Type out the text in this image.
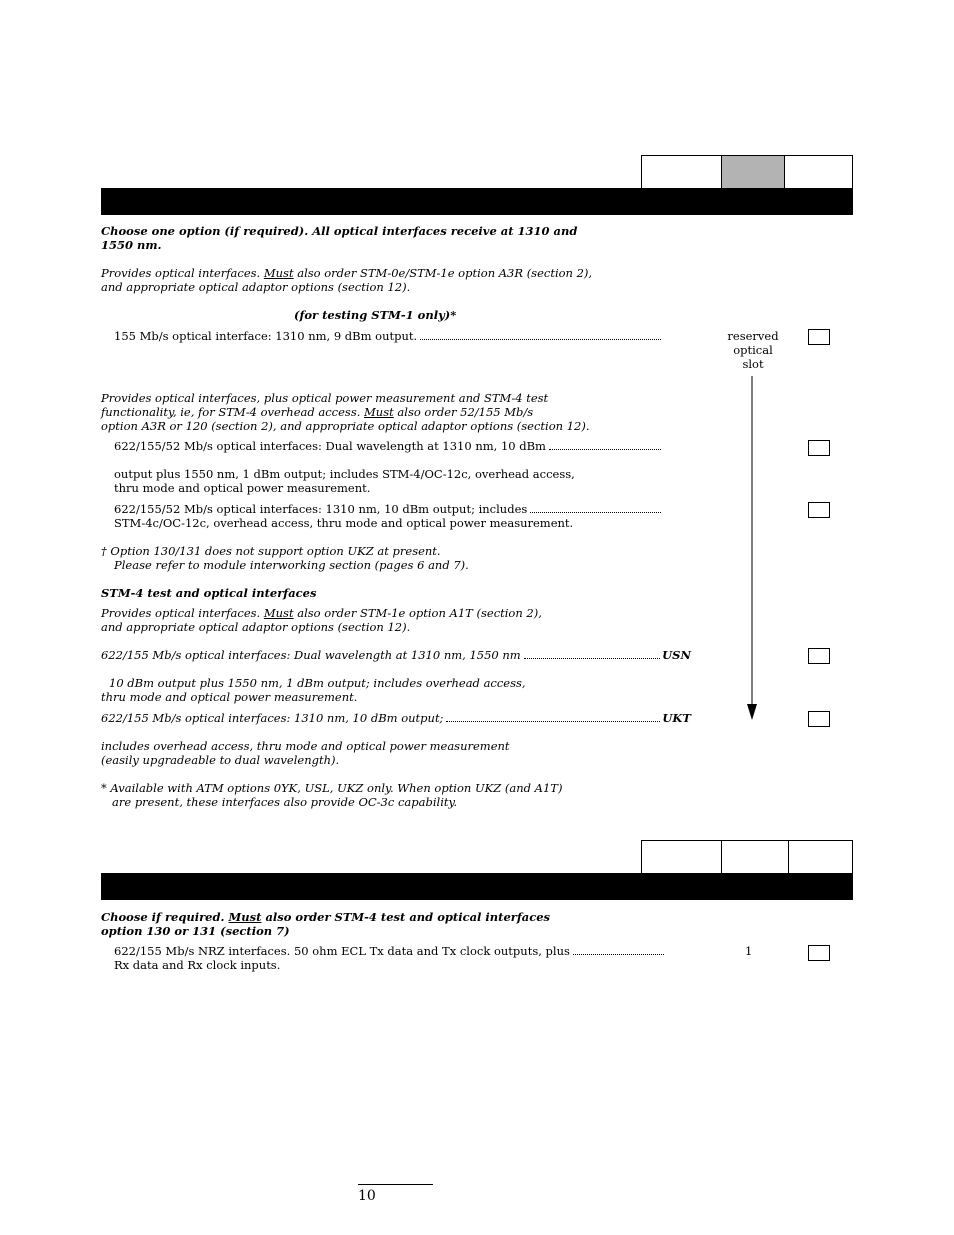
Choose one option (if required). All optical interfaces receive at 1310 and
1550 nm.
Provides optical interfaces. Must also order STM-0e/STM-1e option A3R (section 2),
and appropriate optical adaptor options (section 12).
(for testing STM-1 only)*
155 Mb/s optical interface: 1310 nm, 9 dBm output.	reserved
optical
slot
Provides optical interfaces, plus optical power measurement and STM-4 test
functionality, ie, for STM-4 overhead access. Must also order 52/155 Mb/s
option A3R or 120 (section 2), and appropriate optical adaptor options (section 12).
622/155/52 Mb/s optical interfaces: Dual wavelength at 1310 nm, 10 dBm
output plus 1550 nm, 1 dBm output; includes STM-4/OC-12c, overhead access,
thru mode and optical power measurement.
622/155/52 Mb/s optical interfaces: 1310 nm, 10 dBm output; includes
STM-4c/OC-12c, overhead access, thru mode and optical power measurement.
† Option 130/131 does not support option UKZ at present.
Please refer to module interworking section (pages 6 and 7).
STM-4 test and optical interfaces
Provides optical interfaces. Must also order STM-1e option A1T (section 2),
and appropriate optical adaptor options (section 12).
622/155 Mb/s optical interfaces: Dual wavelength at 1310 nm, 1550 nm	USN
10 dBm output plus 1550 nm, 1 dBm output; includes overhead access,
thru mode and optical power measurement.
622/155 Mb/s optical interfaces: 1310 nm, 10 dBm output;	UKT
includes overhead access, thru mode and optical power measurement
(easily upgradeable to dual wavelength).
* Available with ATM options 0YK, USL, UKZ only. When option UKZ (and A1T)
are present, these interfaces also provide OC-3c capability.
Choose if required. Must also order STM-4 test and optical interfaces
option 130 or 131 (section 7)
622/155 Mb/s NRZ interfaces. 50 ohm ECL Tx data and Tx clock outputs, plus	1
Rx data and Rx clock inputs.
10
